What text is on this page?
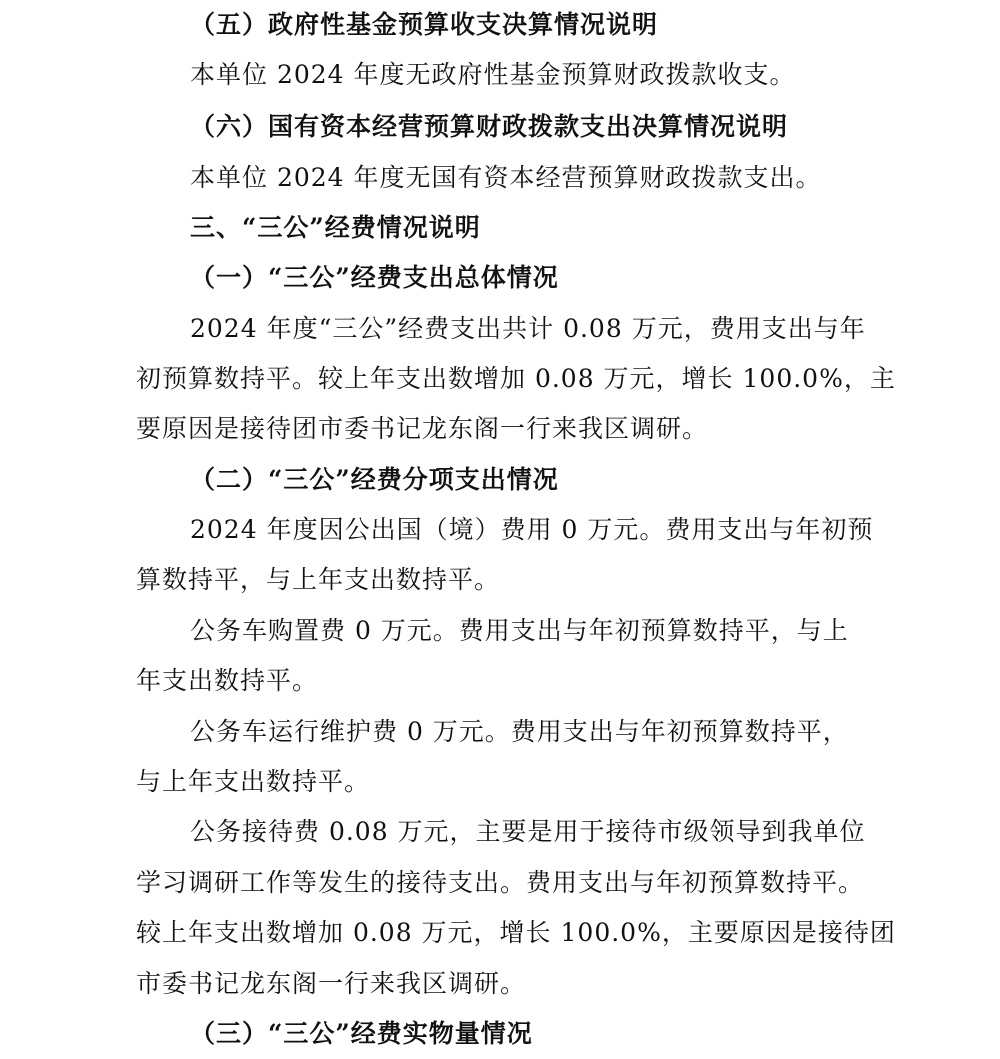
（五）政府性基金预算收支决算情况说明
本单位 2024 年度无政府性基金预算财政拨款收支。
（六）国有资本经营预算财政拨款支出决算情况说明
本单位 2024 年度无国有资本经营预算财政拨款支出。
三、“三公”经费情况说明
（一）“三公”经费支出总体情况
2024 年度“三公”经费支出共计 0.08 万元，费用支出与年
初预算数持平。较上年支出数增加 0.08 万元，增长 100.0%，主
要原因是接待团市委书记龙东阁一行来我区调研。
（二）“三公”经费分项支出情况
2024 年度因公出国（境）费用 0 万元。费用支出与年初预
算数持平，与上年支出数持平。
公务车购置费 0 万元。费用支出与年初预算数持平，与上
年支出数持平。
公务车运行维护费 0 万元。费用支出与年初预算数持平，
与上年支出数持平。
公务接待费 0.08 万元，主要是用于接待市级领导到我单位
学习调研工作等发生的接待支出。费用支出与年初预算数持平。
较上年支出数增加 0.08 万元，增长 100.0%，主要原因是接待团
市委书记龙东阁一行来我区调研。
（三）“三公”经费实物量情况
